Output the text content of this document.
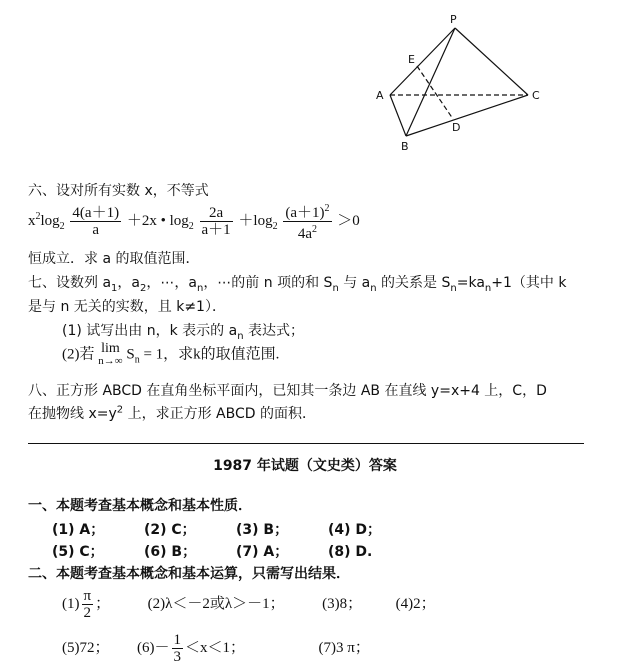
P
E
A	C
D
B
六、设对所有实数 x，不等式
$x^2\log_2 \frac{4(a+1)}{a} +2x$ • $\log_2 \frac{2a}{a+1} +\log_2 \frac{(a+1)^2}{4a^2} >0$
恒成立．求 a 的取值范围．
七、设数列 $a_1$，$a_2$，⋯，$a_n$，⋯的前 n 项的和 $S_n$ 与 $a_n$ 的关系是 $S_n=ka_n+1$（其中 k
是与 n 无关的实数，且 k≠1）．
(1) 试写出由 n，k 表示的 $a_n$ 表达式；
(2)若 lim
n→∞ $S_n = 1$，求k的取值范围.
八、正方形 ABCD 在直角坐标平面内，已知其一条边 AB 在直线 y=x+4 上，C，D
在抛物线 $x=y^2$ 上，求正方形 ABCD 的面积．
1987 年试题（文史类）答案
一、本题考查基本概念和基本性质．
(1) A；	(2) C；	(3) B；	(4) D；
(5) C；	(6) B；	(7) A；	(8) D.
二、本题考查基本概念和基本运算，只需写出结果．
$(1) \frac{\pi}{2}$ ；	(2)λ＜－2或λ＞－1；	(3)8； (4)2；
(5)72； $(6)- \frac{1}{3} <x<1$；	(7)3 π；
